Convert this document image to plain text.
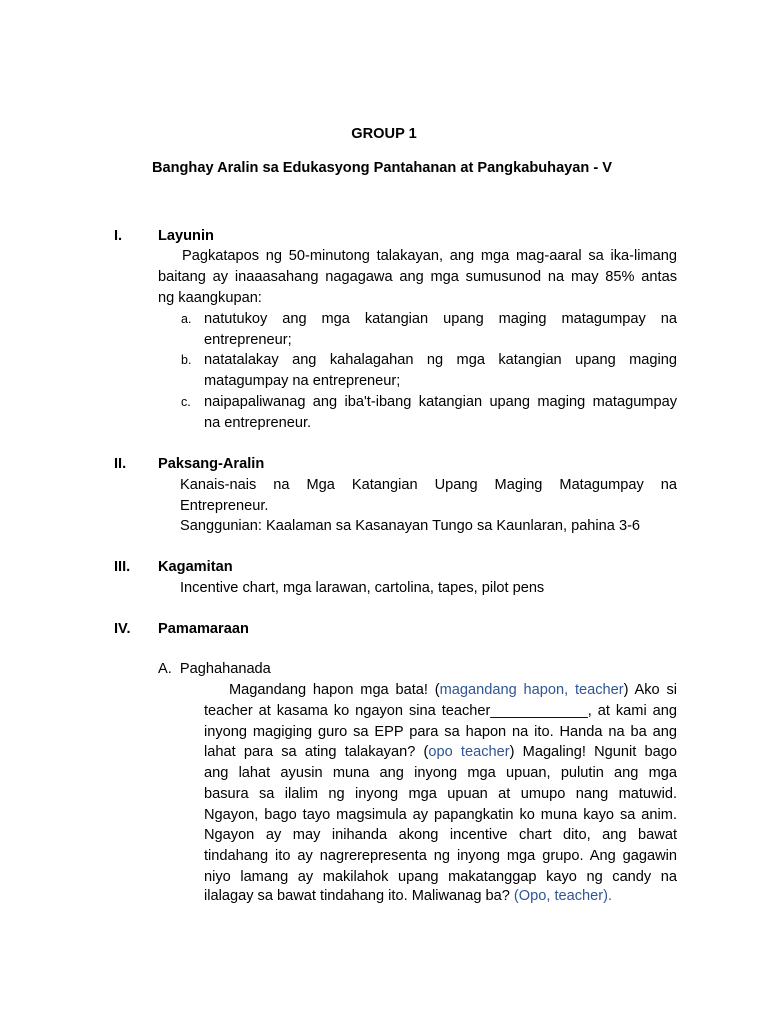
GROUP 1
Banghay Aralin sa Edukasyong Pantahanan at Pangkabuhayan - V
I. Layunin
Pagkatapos ng 50-minutong talakayan, ang mga mag-aaral sa ika-limang
baitang ay inaaasahang nagagawa ang mga sumusunod na may 85% antas
ng kaangkupan:
a. natutukoy ang mga katangian upang maging matagumpay na
entrepreneur;
b. natatalakay ang kahalagahan ng mga katangian upang maging
matagumpay na entrepreneur;
c. naipapaliwanag ang iba't-ibang katangian upang maging matagumpay
na entrepreneur.
II. Paksang-Aralin
Kanais-nais na Mga Katangian Upang Maging Matagumpay na
Entrepreneur.
Sanggunian: Kaalaman sa Kasanayan Tungo sa Kaunlaran, pahina 3-6
III. Kagamitan
Incentive chart, mga larawan, cartolina, tapes, pilot pens
IV. Pamamaraan
A.  Paghahanada
Magandang hapon mga bata! (magandang hapon, teacher) Ako si
teacher at kasama ko ngayon sina teacher____________, at kami ang
inyong magiging guro sa EPP para sa hapon na ito. Handa na ba ang
lahat para sa ating talakayan? (opo teacher) Magaling! Ngunit bago
ang lahat ayusin muna ang inyong mga upuan, pulutin ang mga
basura sa ilalim ng inyong mga upuan at umupo nang matuwid.
Ngayon, bago tayo magsimula ay papangkatin ko muna kayo sa anim.
Ngayon ay may inihanda akong incentive chart dito, ang bawat
tindahang ito ay nagrerepresenta ng inyong mga grupo. Ang gagawin
niyo lamang ay makilahok upang makatanggap kayo ng candy na
ilalagay sa bawat tindahang ito. Maliwanag ba? (Opo, teacher).
